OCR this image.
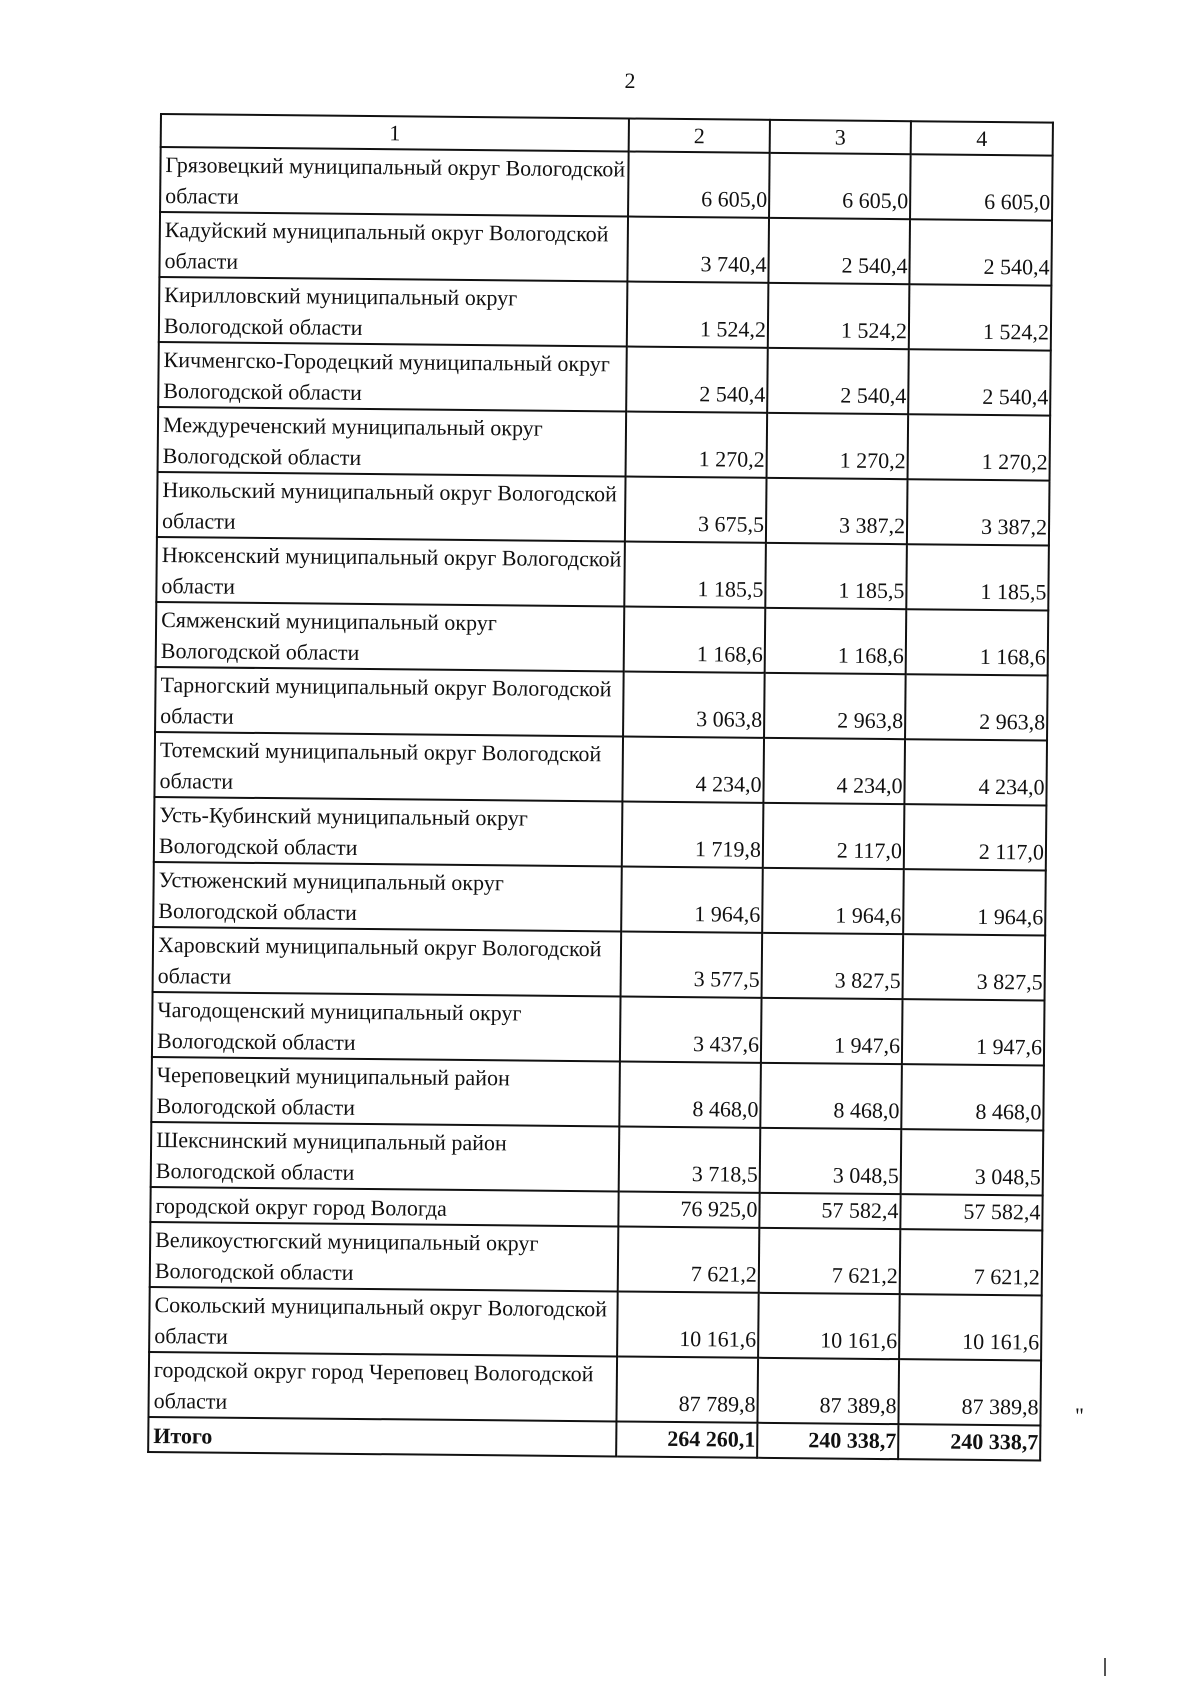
2
1	2	3	4
Грязовецкий муниципальный округ Вологодской области	6 605,0	6 605,0	6 605,0
Кадуйский муниципальный округ Вологодской области	3 740,4	2 540,4	2 540,4
Кирилловский муниципальный округ Вологодской области	1 524,2	1 524,2	1 524,2
Кичменгско-Городецкий муниципальный округ Вологодской области	2 540,4	2 540,4	2 540,4
Междуреченский муниципальный округ Вологодской области	1 270,2	1 270,2	1 270,2
Никольский муниципальный округ Вологодской области	3 675,5	3 387,2	3 387,2
Нюксенский муниципальный округ Вологодской области	1 185,5	1 185,5	1 185,5
Сямженский муниципальный округ Вологодской области	1 168,6	1 168,6	1 168,6
Тарногский муниципальный округ Вологодской области	3 063,8	2 963,8	2 963,8
Тотемский муниципальный округ Вологодской области	4 234,0	4 234,0	4 234,0
Усть-Кубинский муниципальный округ Вологодской области	1 719,8	2 117,0	2 117,0
Устюженский муниципальный округ Вологодской области	1 964,6	1 964,6	1 964,6
Харовский муниципальный округ Вологодской области	3 577,5	3 827,5	3 827,5
Чагодощенский муниципальный округ Вологодской области	3 437,6	1 947,6	1 947,6
Череповецкий муниципальный район Вологодской области	8 468,0	8 468,0	8 468,0
Шекснинский муниципальный район Вологодской области	3 718,5	3 048,5	3 048,5
городской округ город Вологда	76 925,0	57 582,4	57 582,4
Великоустюгский муниципальный округ Вологодской области	7 621,2	7 621,2	7 621,2
Сокольский муниципальный округ Вологодской области	10 161,6	10 161,6	10 161,6
городской округ город Череповец Вологодской области	87 789,8	87 389,8	87 389,8
Итого	264 260,1	240 338,7	240 338,7
"
